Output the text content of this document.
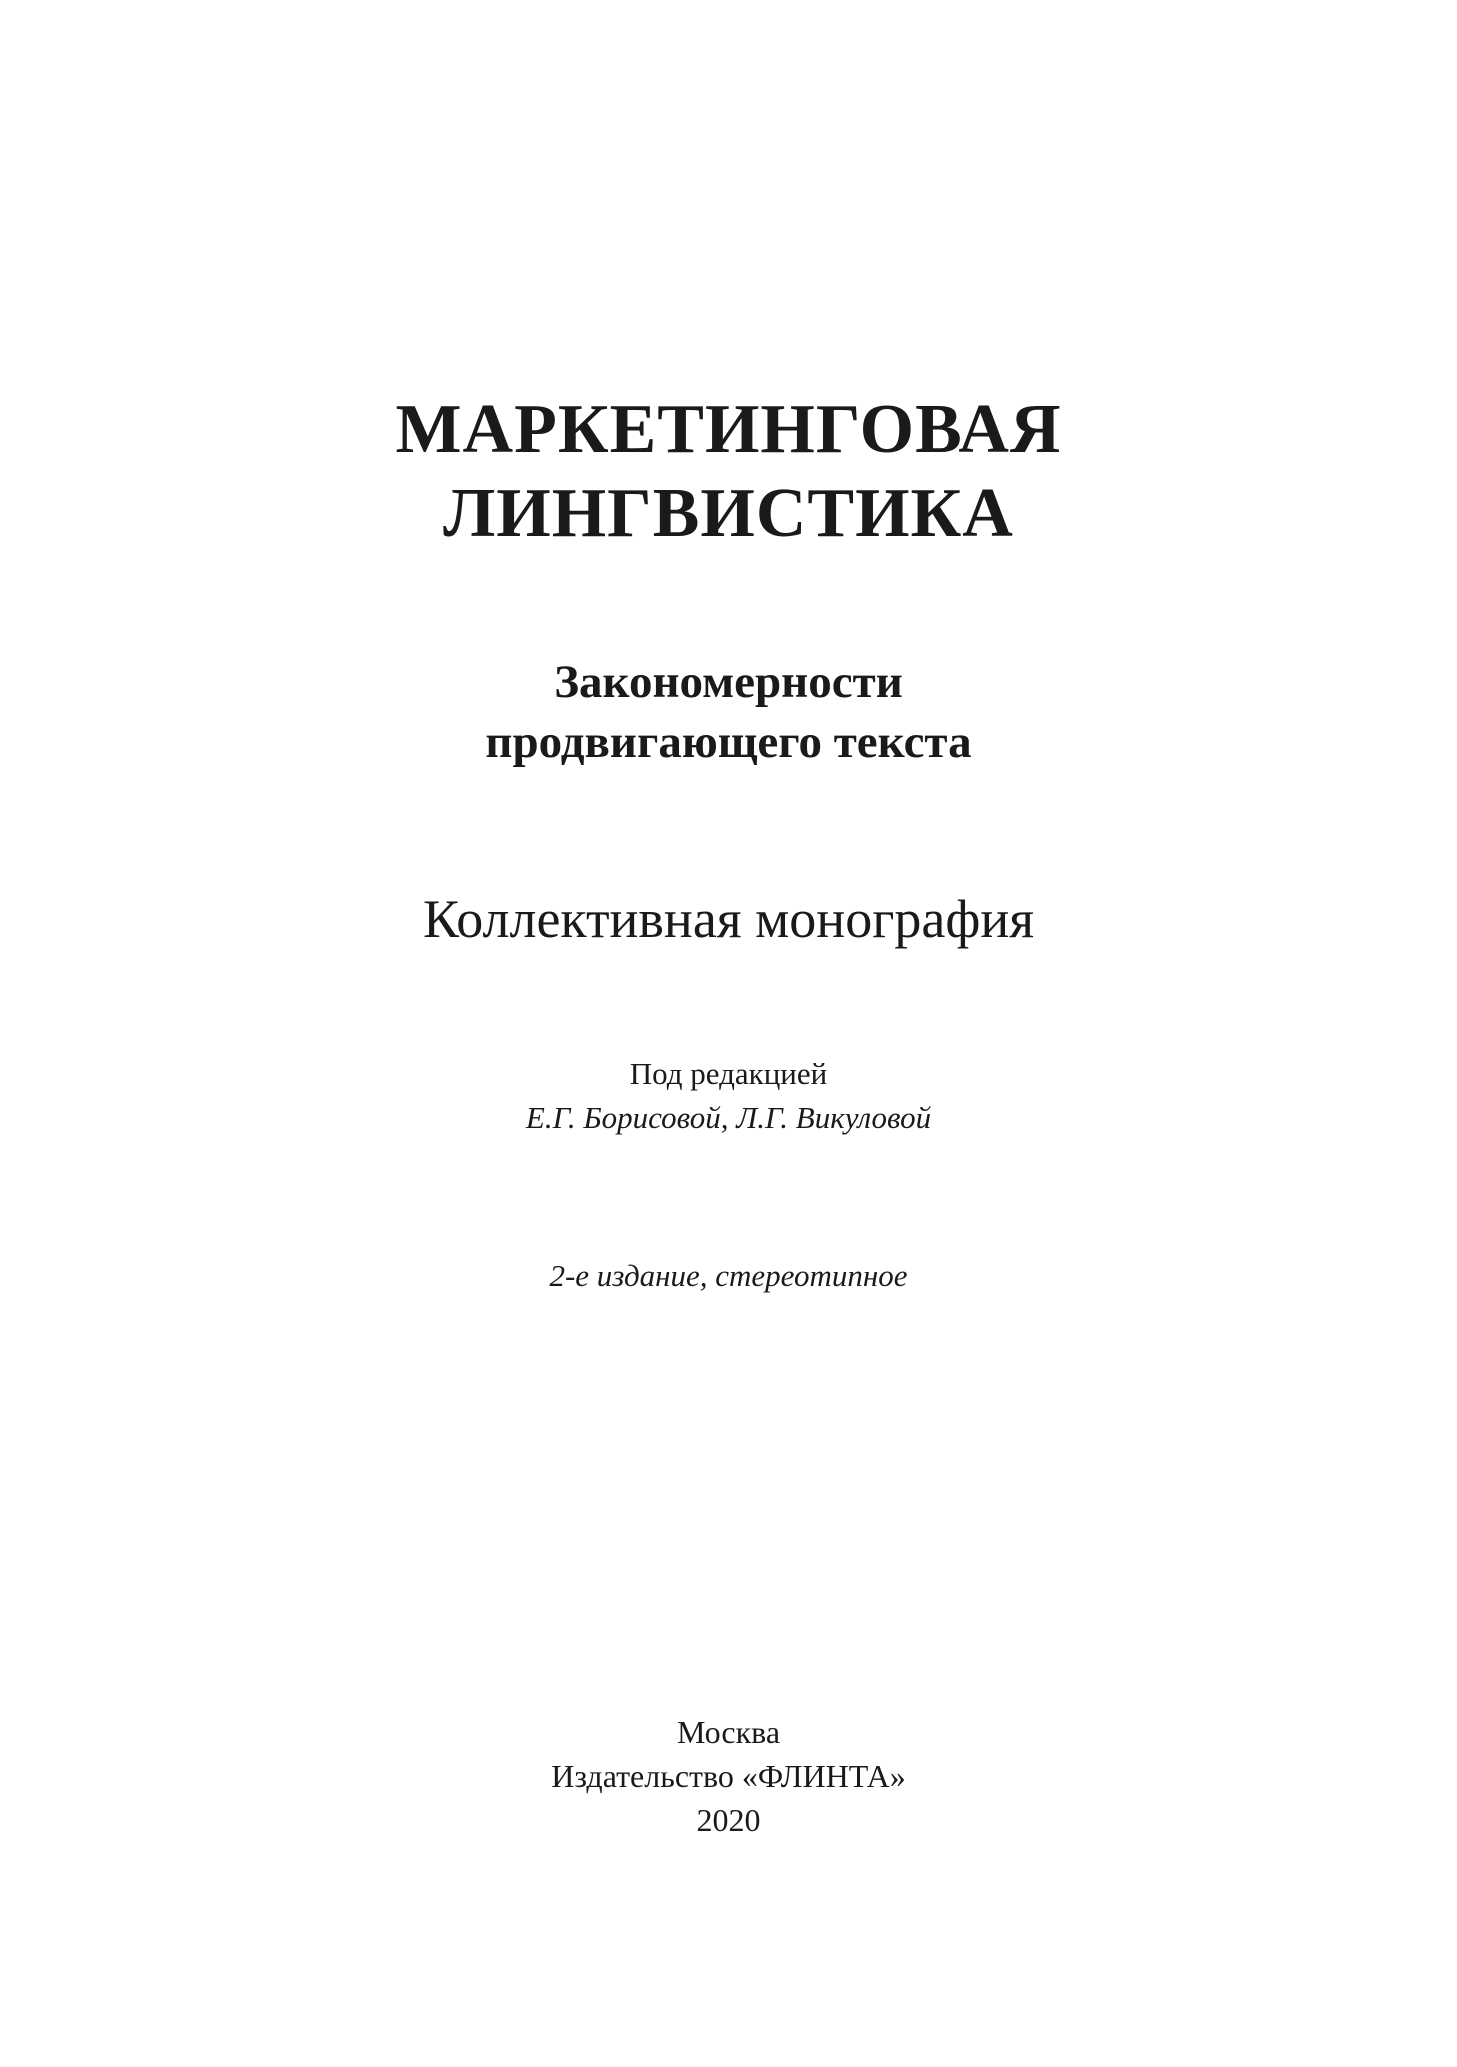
МАРКЕТИНГОВАЯ
ЛИНГВИСТИКА
Закономерности
продвигающего текста
Коллективная монография
Под редакцией
Е.Г. Борисовой, Л.Г. Викуловой
2-е издание, стереотипное
Москва
Издательство «ФЛИНТА»
2020
